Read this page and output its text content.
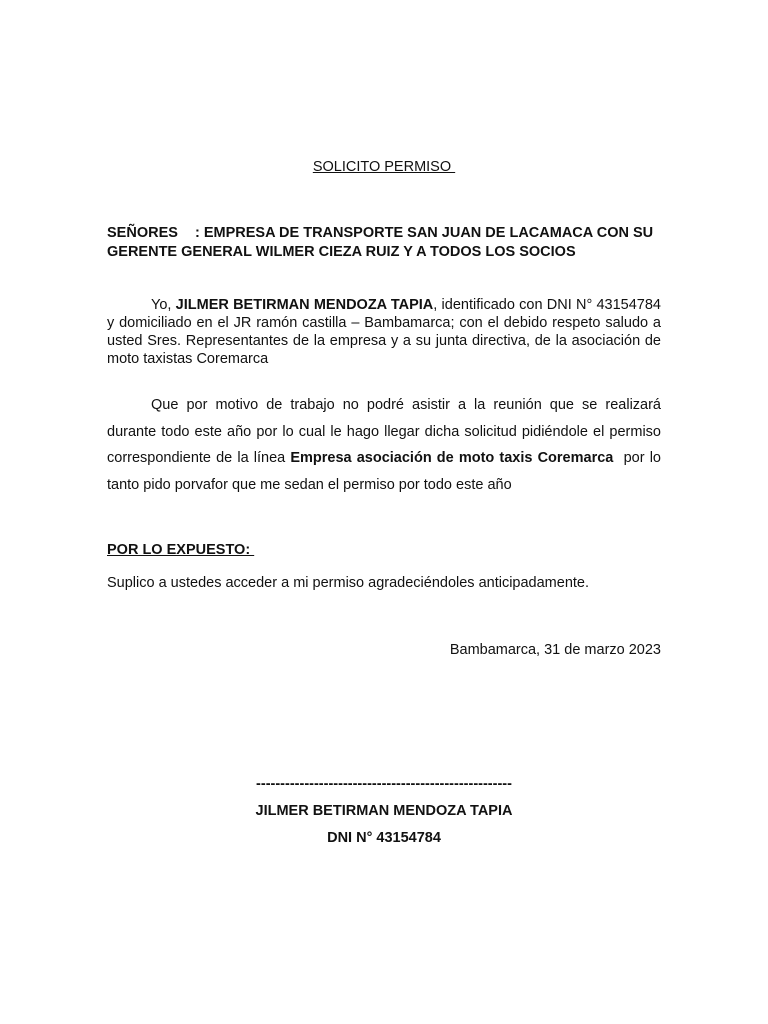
SOLICITO PERMISO
SEÑORES : EMPRESA DE TRANSPORTE SAN JUAN DE LACAMACA CON SU GERENTE GENERAL WILMER CIEZA RUIZ Y A TODOS LOS SOCIOS
Yo, JILMER BETIRMAN MENDOZA TAPIA, identificado con DNI N° 43154784 y domiciliado en el JR ramón castilla – Bambamarca; con el debido respeto saludo a usted Sres. Representantes de la empresa y a su junta directiva, de la asociación de moto taxistas Coremarca
Que por motivo de trabajo no podré asistir a la reunión que se realizará durante todo este año por lo cual le hago llegar dicha solicitud pidiéndole el permiso correspondiente de la línea Empresa asociación de moto taxis Coremarca  por lo tanto pido porvafor que me sedan el permiso por todo este año
POR LO EXPUESTO:
Suplico a ustedes acceder a mi permiso agradeciéndoles anticipadamente.
Bambamarca, 31 de marzo 2023
-----------------------------------------------------
JILMER BETIRMAN MENDOZA TAPIA
DNI N° 43154784
